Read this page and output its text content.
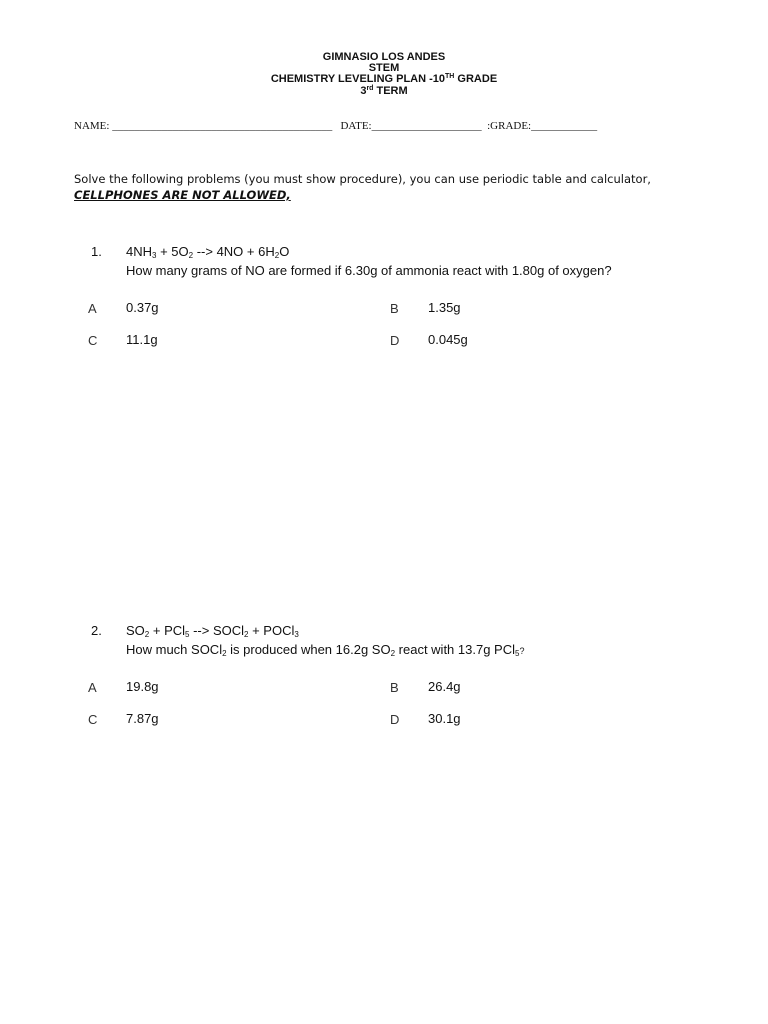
GIMNASIO LOS ANDES
STEM
CHEMISTRY LEVELING PLAN -10TH GRADE
3rd TERM
NAME: ________________________________________   DATE:____________________  :GRADE:____________
Solve the following problems (you must show procedure), you can use periodic table and calculator,
CELLPHONES ARE NOT ALLOWED,
1. $4NH_3 + 5O_2$ --> $4NO + 6H_2O$
How many grams of NO are formed if 6.30g of ammonia react with 1.80g of oxygen?
A 0.37g	B 1.35g
C 11.1g	D 0.045g
2. $SO_2 + PCl_5$ --> SOCl$_2$ + POCl$_3$
How much SOCl$_2$ is produced when 16.2g $SO_2$ react with 13.7g PCl$_5$?
A 19.8g	B 26.4g
C 7.87g	D 30.1g
